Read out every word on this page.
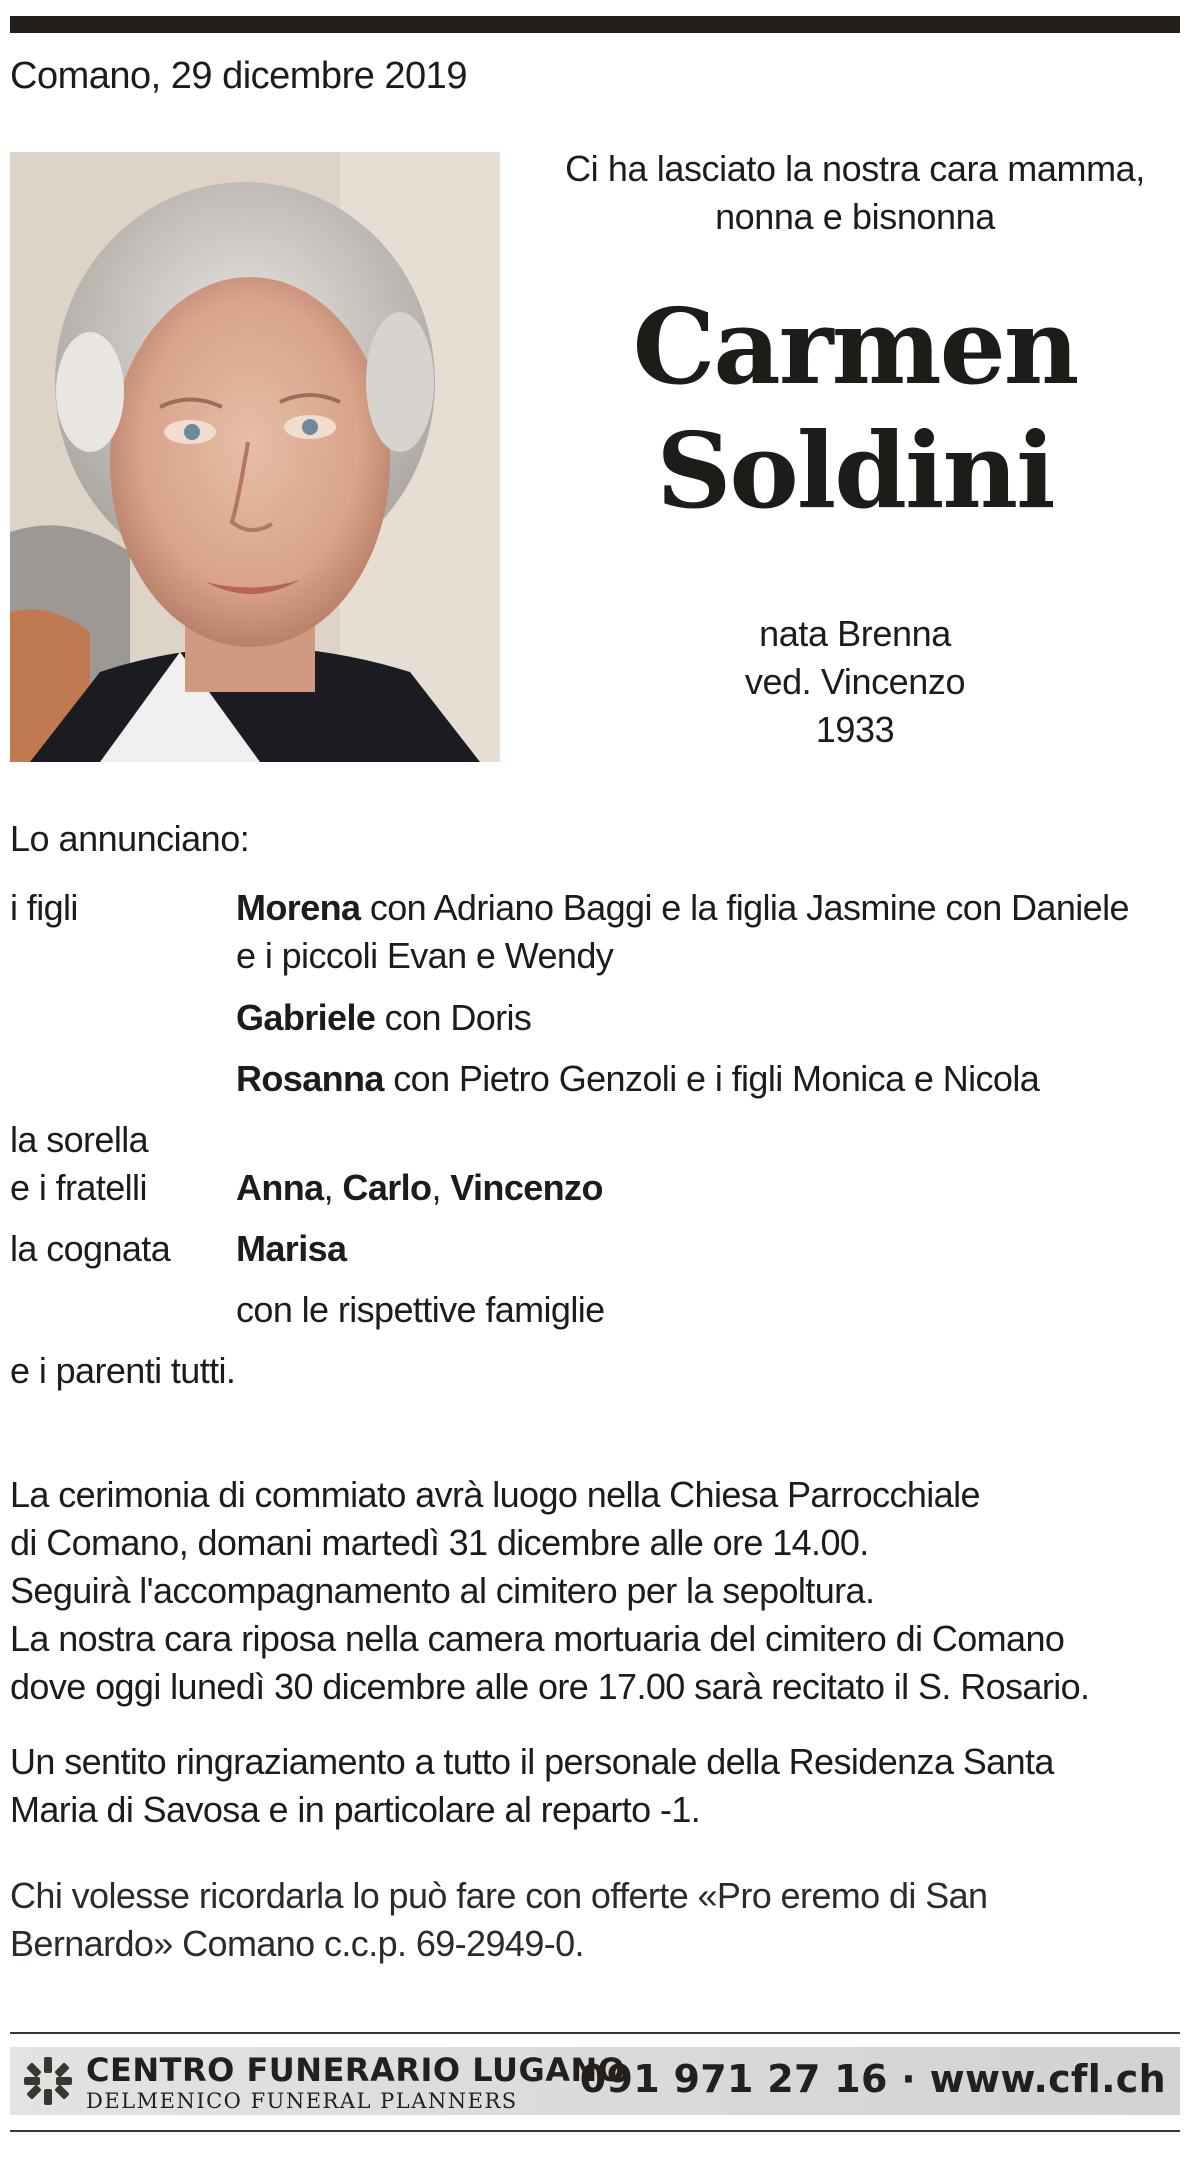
Comano, 29 dicembre 2019
Ci ha lasciato la nostra cara mamma,
nonna e bisnonna
Carmen
Soldini
nata Brenna
ved. Vincenzo
1933
Lo annunciano:
i figli	Morena con Adriano Baggi e la figlia Jasmine con Daniele
e i piccoli Evan e Wendy
Gabriele con Doris
Rosanna con Pietro Genzoli e i figli Monica e Nicola
la sorella
e i fratelli Anna, Carlo, Vincenzo
la cognata Marisa
con le rispettive famiglie
e i parenti tutti.
La cerimonia di commiato avrà luogo nella Chiesa Parrocchiale
di Comano, domani martedì 31 dicembre alle ore 14.00.
Seguirà l'accompagnamento al cimitero per la sepoltura.
La nostra cara riposa nella camera mortuaria del cimitero di Comano
dove oggi lunedì 30 dicembre alle ore 17.00 sarà recitato il S. Rosario.
Un sentito ringraziamento a tutto il personale della Residenza Santa
Maria di Savosa e in particolare al reparto -1.
Chi volesse ricordarla lo può fare con offerte «Pro eremo di San
Bernardo» Comano c.c.p. 69-2949-0.
CENTRO FUNERARIO LUGANO
DELMENICO FUNERAL PLANNERS 091 971 27 16 · www.cfl.ch
